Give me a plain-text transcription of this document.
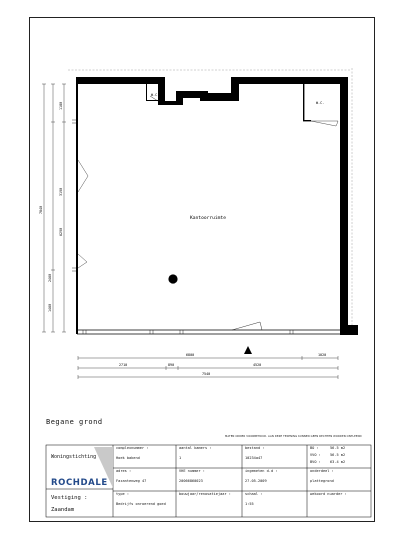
W.C.
W.C.
Kantoorruimte
6800	1020
2710	890	4520
7540
1180
3190
6290
2460
1460
7840
Begane grond
MATEN ONDER VOORBEHOUD. AAN DEZE TEKENING KUNNEN GEEN RECHTEN WORDEN ONTLEEND
Woningstichting
ROCHDALE
Vestiging :
Zaandam
complexnummer :
Hoek bakend
adres :
Fazantenweg 47
type :
Bedrijfs onroerend goed
aantal kamers :
1
VHE nummer :
20066860023
bouwjaar/renovatiejaar :
bestand :
10234a47
ingemeten d.d :
27-05-2009
schaal :
1:55
BO :	56.5 m2
VVO :	56.5 m2
BVO :	63.4 m2
onderdeel :
plattegrond
wekoord nuarder :
